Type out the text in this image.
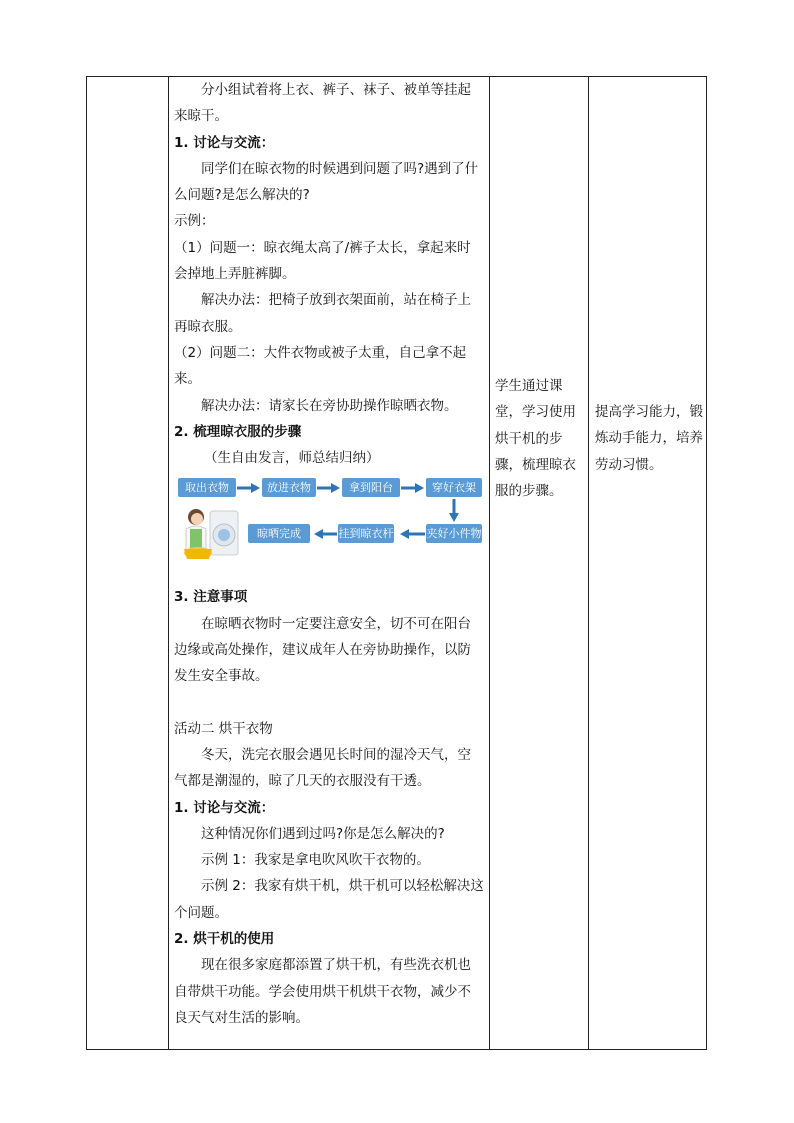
分小组试着将上衣、裤子、袜子、被单等挂起来晾干。

1. 讨论与交流：

同学们在晾衣物的时候遇到问题了吗?遇到了什么问题?是怎么解决的?

示例：

（1）问题一：晾衣绳太高了/裤子太长，拿起来时会掉地上弄脏裤脚。

解决办法：把椅子放到衣架面前，站在椅子上再晾衣服。

（2）问题二：大件衣物或被子太重，自己拿不起来。

解决办法：请家长在旁协助操作晾晒衣物。

2. 梳理晾衣服的步骤

（生自由发言，师总结归纳）

取出衣物	放进衣物筐
拿到阳台	穿好衣架
夹好小件物
挂到晾衣杆
晾晒完成

3. 注意事项

在晾晒衣物时一定要注意安全，切不可在阳台边缘或高处操作，建议成年人在旁协助操作，以防发生安全事故。

活动二 烘干衣物

冬天，洗完衣服会遇见长时间的湿冷天气，空气都是潮湿的，晾了几天的衣服没有干透。

1. 讨论与交流：

这种情况你们遇到过吗?你是怎么解决的?

示例 1：我家是拿电吹风吹干衣物的。

示例 2：我家有烘干机，烘干机可以轻松解决这个问题。

2. 烘干机的使用

现在很多家庭都添置了烘干机，有些洗衣机也自带烘干功能。学会使用烘干机烘干衣物，减少不良天气对生活的影响。

学生通过课堂，学习使用烘干机的步骤，梳理晾衣服的步骤。
提高学习能力，锻炼动手能力，培养劳动习惯。
